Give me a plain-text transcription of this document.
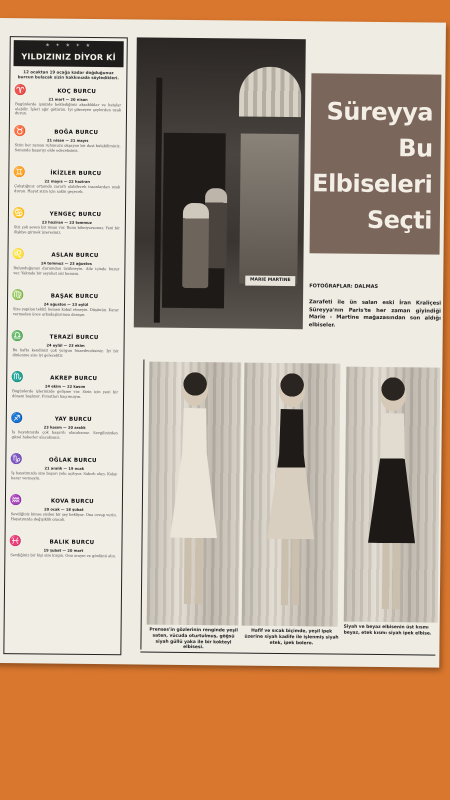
★ ✦ ★ ✦ ★
YILDIZINIZ DİYOR Kİ
12 ocaktan 19 ocağa kadar doğduğunuz burcun bulacak sizin hakkınızda söyledikleri.
♈	KOÇ BURCU
21 mart — 20 nisan
Bugünlerde işinizde beklediğiniz aksaklıklar ve hatalar olabilir. İşleri ağır götürün. İyi gitmeyen şeylerden uzak durun.
♉	BOĞA BURCU
21 nisan — 21 mayıs
Sizin her zaman ruhunuzu okşayan bir dost bulabilirsiniz. Sonunda başarıyı elde edeceksiniz.
♊	İKİZLER BURCU
22 mayıs — 22 haziran
Çalıştığınız ortamda zararlı olabilecek insanlardan uzak durun. Hayat sizin için sakin geçecek.
♋	YENGEÇ BURCU
23 haziran — 23 temmuz
Sizi çok seven bir insan var. Bunu bilmiyorsunuz. Yeni bir ilişkiye girmek üzeresiniz.
♌	ASLAN BURCU
24 temmuz — 23 ağustos
Bulunduğunuz durumdan üzülmeyin. Aile içinde huzur var. Yakında bir seyahat söz konusu.
♍	BAŞAK BURCU
24 ağustos — 23 eylül
Size yapılan teklif, hemen kabul etmeyin. Düşünün. Karar vermeden önce arkadaşlarınıza danışın.
♎	TERAZİ BURCU
24 eylül — 23 ekim
Bu hafta kendinizi çok yorgun hissedeceksiniz. İyi bir dinlenme size iyi gelecektir.
♏	AKREP BURCU
24 ekim — 22 kasım
Bugünlerde işlerinizde gelişme var. Sizin için yeni bir dönem başlıyor. Fırsatları kaçırmayın.
♐	YAY BURCU
23 kasım — 20 aralık
İş hayatınızda çok başarılı olacaksınız. Sevgilinizden güzel haberler alacaksınız.
♑	OĞLAK BURCU
21 aralık — 19 ocak
İş hayatınızda size başarı yolu açılıyor. Sabırlı olun. Kolay karar vermeyin.
♒	KOVA BURCU
20 ocak — 18 şubat
Sevdiğiniz kimse sizden bir şey bekliyor. Ona cevap verin. Hayatınızda değişiklik olacak.
♓	BALIK BURCU
19 şubat — 20 mart
Sevdiğiniz bir kişi size kırgın. Onu arayın ve gönlünü alın.
MARIE MARTINE
Süreyya
Bu
Elbiseleri
Seçti
FOTOĞRAFLAR: DALMAS
Zarafeti ile ün salan eski İran Kraliçesi Süreyya'nın Paris'te her zaman giyindiği Marie - Martine mağazasından son aldığı elbiseler.
Prenses'in gözlerinin renginde yeşil saten, vücuda oturtulmuş, göğsü siyah güllü yaka ile bir kokteyl elbisesi.
Hafif ve sıcak biçimde, yeşil ipek üzerine siyah kadife ile işlenmiş siyah etek, ipek bolero.
Siyah ve beyaz elbisenin üst kısmı beyaz, etek kısmı siyah ipek elbise.
